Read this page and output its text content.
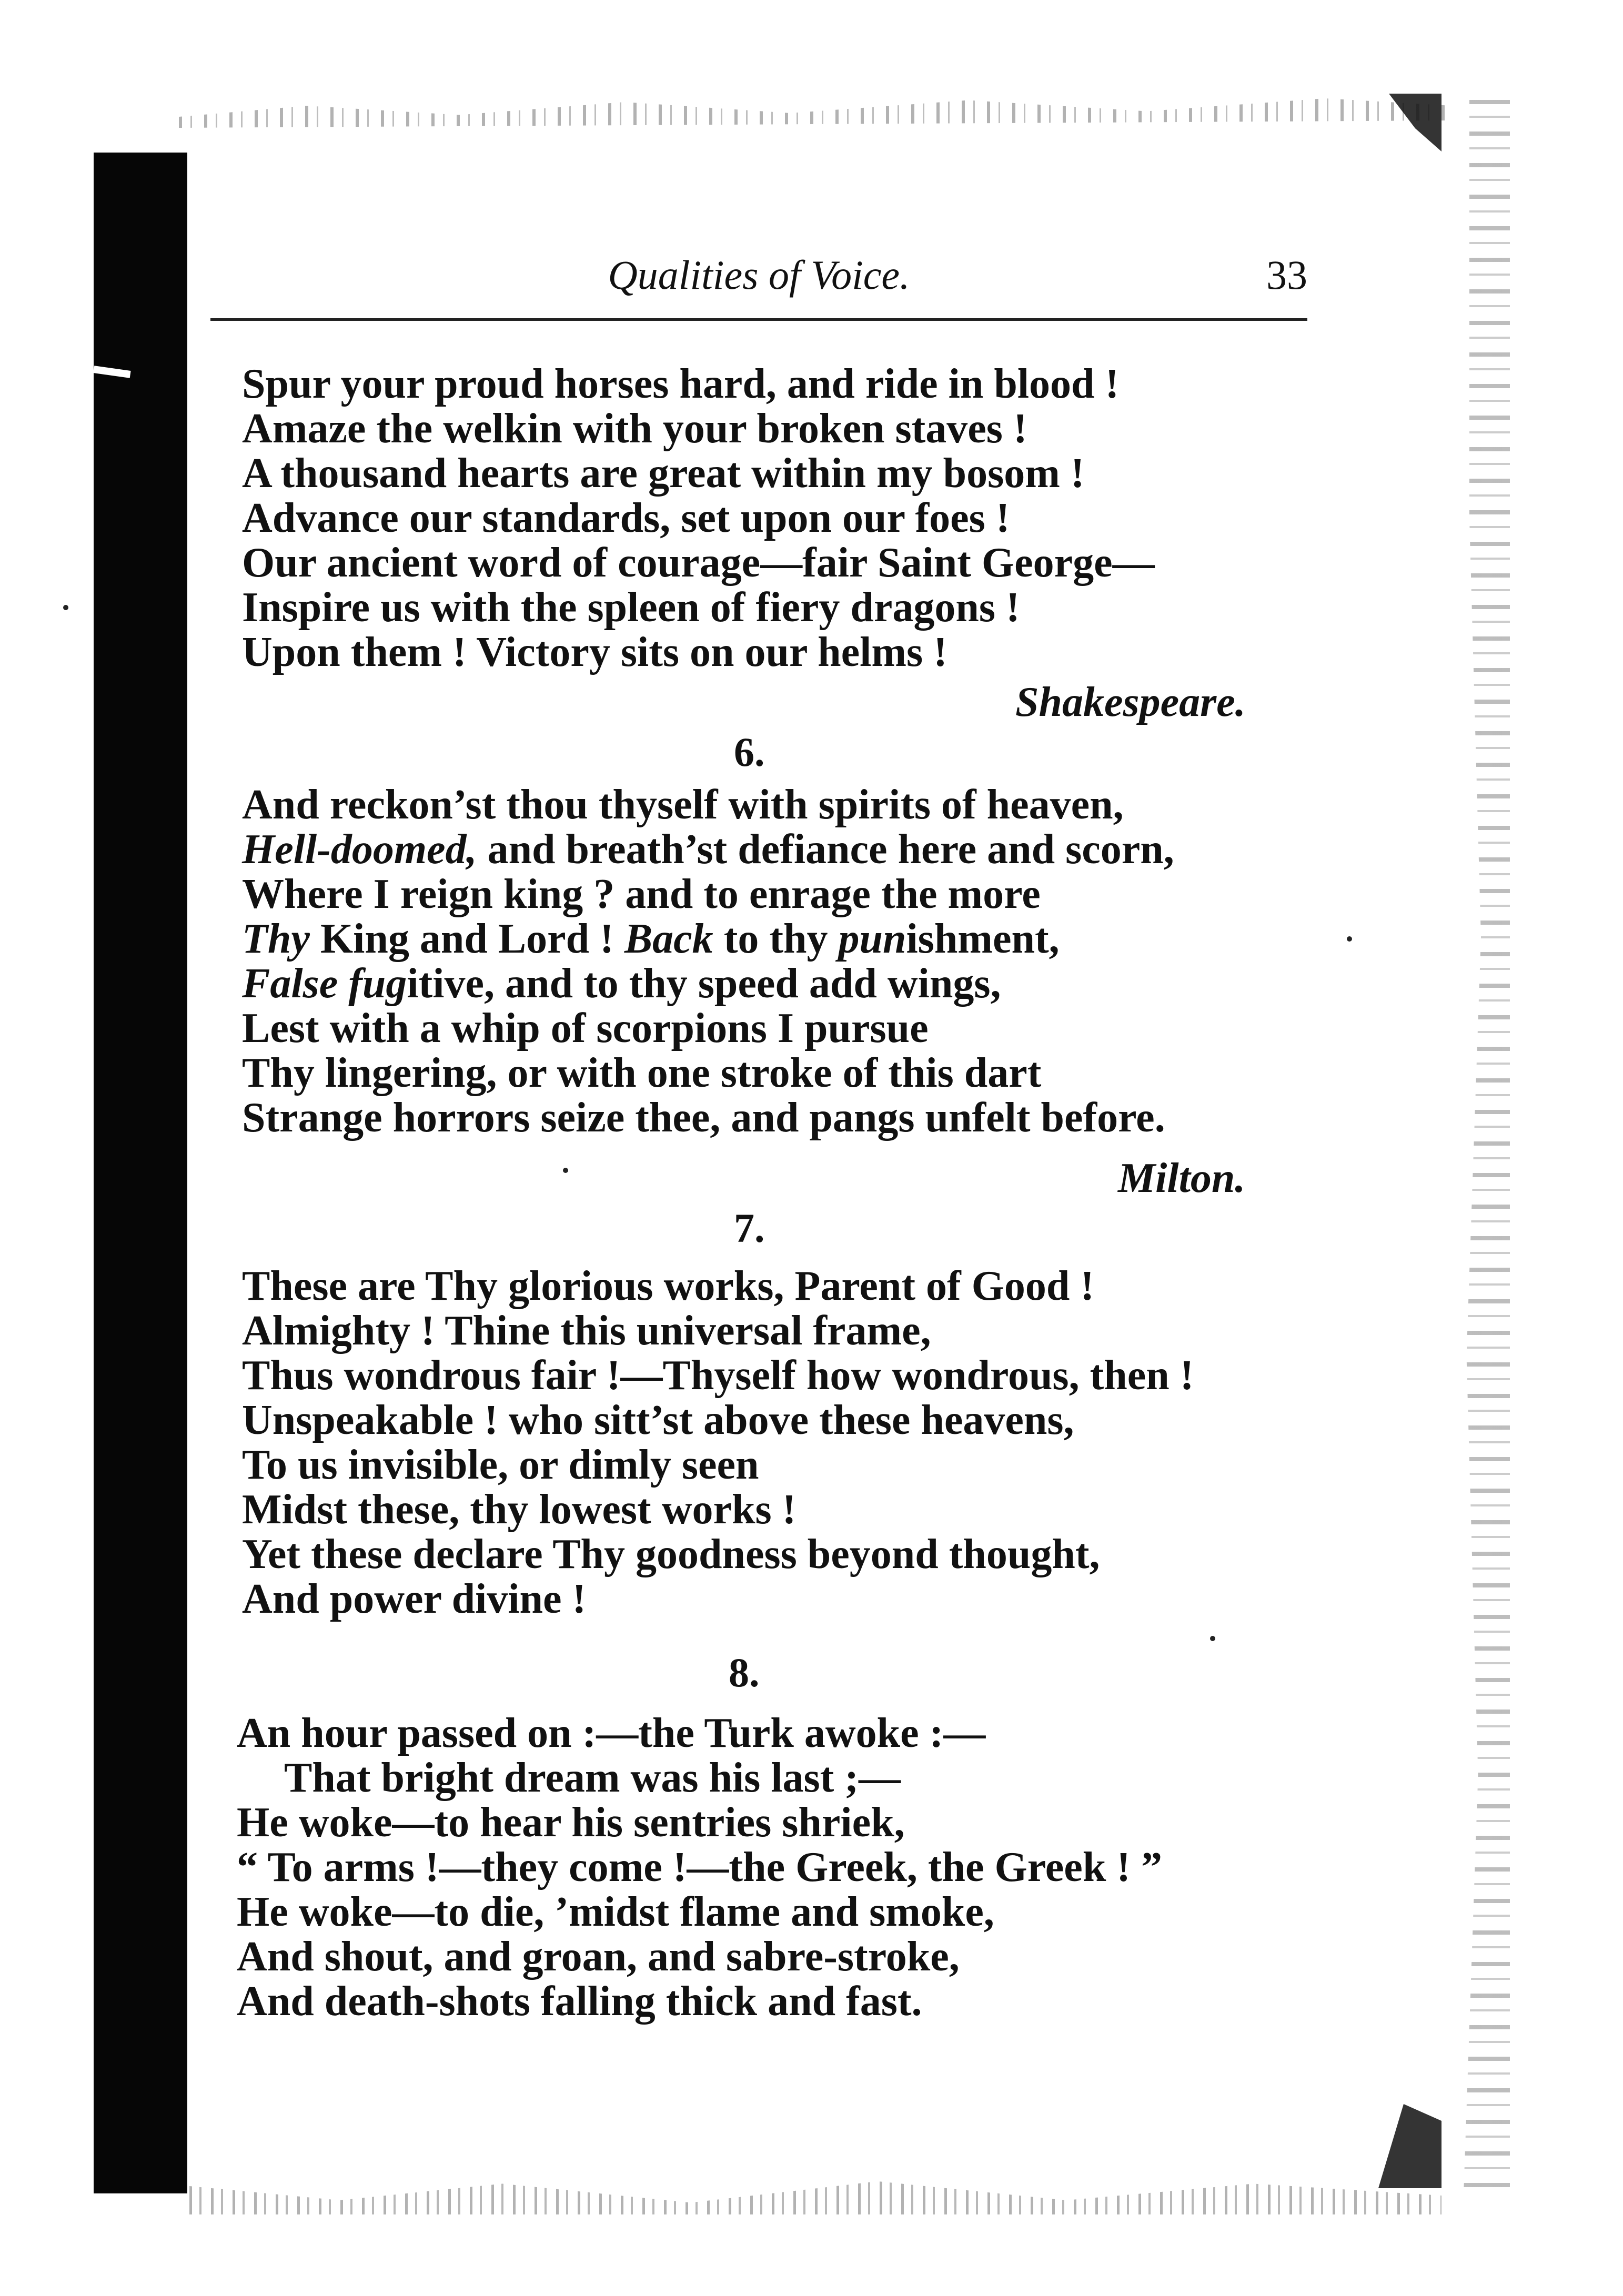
Qualities of Voice.	33
Spur your proud horses hard, and ride in blood !
Amaze the welkin with your broken staves !
A thousand hearts are great within my bosom !
Advance our standards, set upon our foes !
Our ancient word of courage—fair Saint George—
Inspire us with the spleen of fiery dragons !
Upon them ! Victory sits on our helms !
Shakespeare.
6.
And reckon’st thou thyself with spirits of heaven,
Hell-doomed, and breath’st defiance here and scorn,
Where I reign king ? and to enrage the more
Thy King and Lord ! Back to thy punishment,
False fugitive, and to thy speed add wings,
Lest with a whip of scorpions I pursue
Thy lingering, or with one stroke of this dart
Strange horrors seize thee, and pangs unfelt before.
Milton.
7.
These are Thy glorious works, Parent of Good !
Almighty ! Thine this universal frame,
Thus wondrous fair !—Thyself how wondrous, then !
Unspeakable ! who sitt’st above these heavens,
To us invisible, or dimly seen
Midst these, thy lowest works !
Yet these declare Thy goodness beyond thought,
And power divine !
8.
An hour passed on :—the Turk awoke :—
That bright dream was his last ;—
He woke—to hear his sentries shriek,
“ To arms !—they come !—the Greek, the Greek ! ”
He woke—to die, ’midst flame and smoke,
And shout, and groan, and sabre-stroke,
And death-shots falling thick and fast.
